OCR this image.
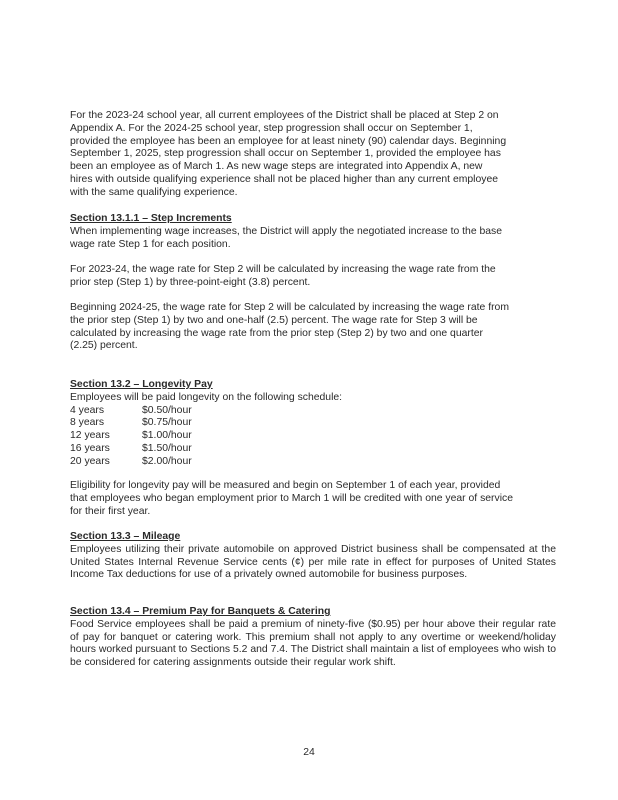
For the 2023-24 school year, all current employees of the District shall be placed at Step 2 on
Appendix A. For the 2024-25 school year, step progression shall occur on September 1,
provided the employee has been an employee for at least ninety (90) calendar days. Beginning
September 1, 2025, step progression shall occur on September 1, provided the employee has
been an employee as of March 1. As new wage steps are integrated into Appendix A, new
hires with outside qualifying experience shall not be placed higher than any current employee
with the same qualifying experience.

Section 13.1.1 – Step Increments

When implementing wage increases, the District will apply the negotiated increase to the base
wage rate Step 1 for each position.

For 2023-24, the wage rate for Step 2 will be calculated by increasing the wage rate from the
prior step (Step 1) by three-point-eight (3.8) percent.

Beginning 2024-25, the wage rate for Step 2 will be calculated by increasing the wage rate from
the prior step (Step 1) by two and one-half (2.5) percent. The wage rate for Step 3 will be
calculated by increasing the wage rate from the prior step (Step 2) by two and one quarter
(2.25) percent.

Section 13.2 – Longevity Pay

Employees will be paid longevity on the following schedule:

4 years	$0.50/hour
8 years	$0.75/hour
12 years	$1.00/hour
16 years	$1.50/hour
20 years	$2.00/hour

Eligibility for longevity pay will be measured and begin on September 1 of each year, provided
that employees who began employment prior to March 1 will be credited with one year of service
for their first year.

Section 13.3 – Mileage

Employees utilizing their private automobile on approved District business shall be compensated at the United States Internal Revenue Service cents (¢) per mile rate in effect for purposes of United States Income Tax deductions for use of a privately owned automobile for business purposes.

Section 13.4 – Premium Pay for Banquets & Catering

Food Service employees shall be paid a premium of ninety-five ($0.95) per hour above their regular rate of pay for banquet or catering work. This premium shall not apply to any overtime or weekend/holiday hours worked pursuant to Sections 5.2 and 7.4. The District shall maintain a list of employees who wish to be considered for catering assignments outside their regular work shift.

24
